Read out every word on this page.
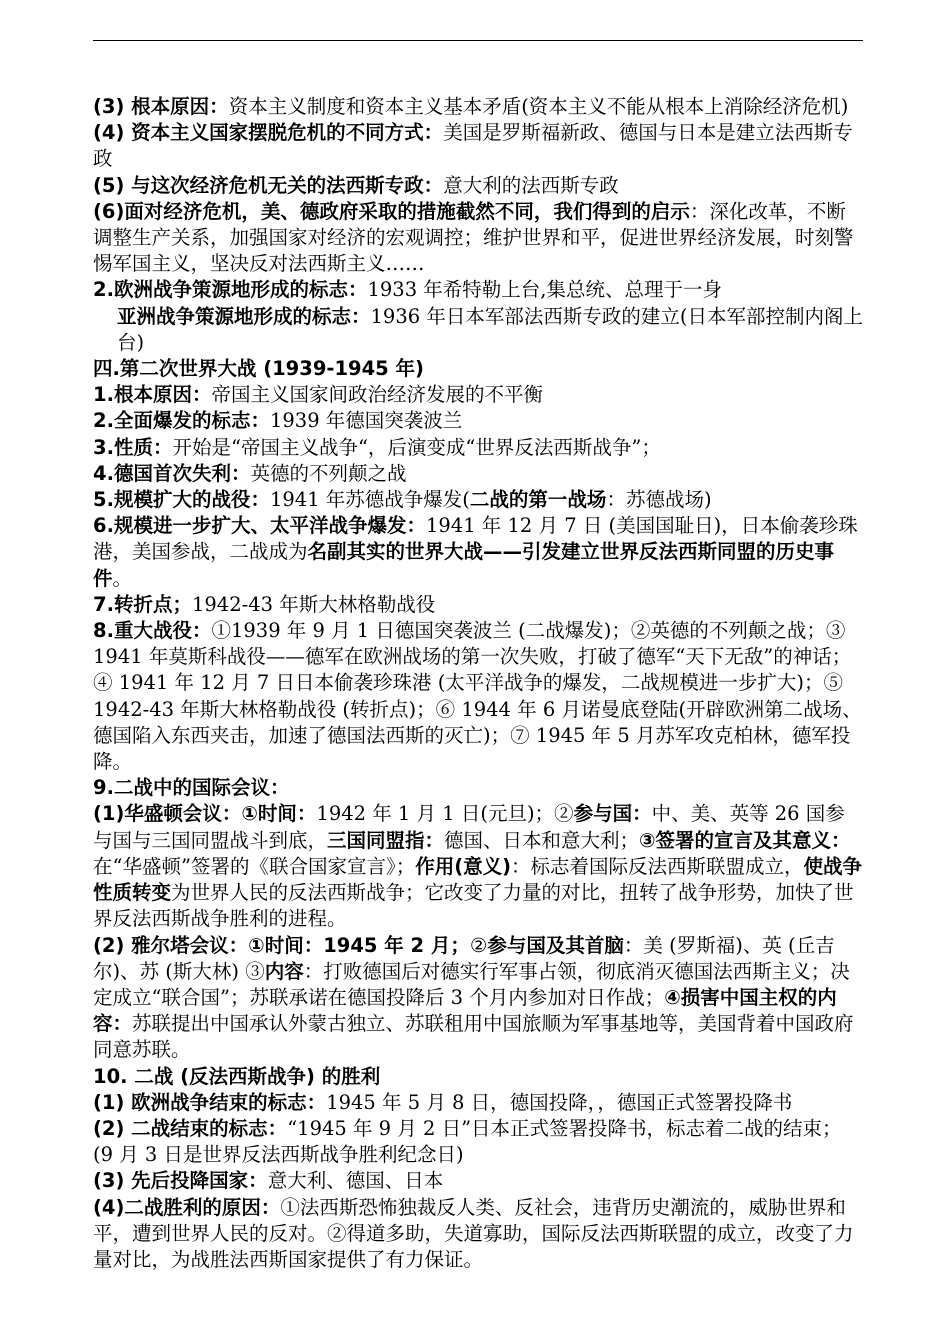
(3) 根本原因：资本主义制度和资本主义基本矛盾(资本主义不能从根本上消除经济危机)

(4) 资本主义国家摆脱危机的不同方式：美国是罗斯福新政、德国与日本是建立法西斯专政

(5) 与这次经济危机无关的法西斯专政：意大利的法西斯专政

(6)面对经济危机，美、德政府采取的措施截然不同，我们得到的启示：深化改革，不断调整生产关系，加强国家对经济的宏观调控；维护世界和平，促进世界经济发展，时刻警惕军国主义，坚决反对法西斯主义……

2.欧洲战争策源地形成的标志：1933 年希特勒上台,集总统、总理于一身

亚洲战争策源地形成的标志：1936 年日本军部法西斯专政的建立(日本军部控制内阁上台)

四.第二次世界大战 (1939-1945 年)

1.根本原因：帝国主义国家间政治经济发展的不平衡

2.全面爆发的标志：1939 年德国突袭波兰

3.性质：开始是“帝国主义战争“，后演变成“世界反法西斯战争”；

4.德国首次失利：英德的不列颠之战

5.规模扩大的战役：1941 年苏德战争爆发(二战的第一战场：苏德战场)

6.规模进一步扩大、太平洋战争爆发：1941 年 12 月 7 日 (美国国耻日)，日本偷袭珍珠港，美国参战，二战成为名副其实的世界大战——引发建立世界反法西斯同盟的历史事件。

7.转折点；1942-43 年斯大林格勒战役

8.重大战役：①1939 年 9 月 1 日德国突袭波兰 (二战爆发)；②英德的不列颠之战；③ 1941 年莫斯科战役——德军在欧洲战场的第一次失败，打破了德军“天下无敌”的神话；④ 1941 年 12 月 7 日日本偷袭珍珠港 (太平洋战争的爆发，二战规模进一步扩大)；⑤ 1942-43 年斯大林格勒战役 (转折点)；⑥ 1944 年 6 月诺曼底登陆(开辟欧洲第二战场、德国陷入东西夹击，加速了德国法西斯的灭亡)；⑦ 1945 年 5 月苏军攻克柏林，德军投降。

9.二战中的国际会议：

(1)华盛顿会议：①时间：1942 年 1 月 1 日(元旦)；②参与国：中、美、英等 26 国参与国与三国同盟战斗到底，三国同盟指：德国、日本和意大利；③签署的宣言及其意义：在“华盛顿”签署的《联合国家宣言》；作用(意义)：标志着国际反法西斯联盟成立，使战争性质转变为世界人民的反法西斯战争；它改变了力量的对比，扭转了战争形势，加快了世界反法西斯战争胜利的进程。

(2) 雅尔塔会议：①时间：1945 年 2 月；②参与国及其首脑：美 (罗斯福)、英 (丘吉尔)、苏 (斯大林) ③内容：打败德国后对德实行军事占领，彻底消灭德国法西斯主义；决定成立“联合国”；苏联承诺在德国投降后 3 个月内参加对日作战；④损害中国主权的内容：苏联提出中国承认外蒙古独立、苏联租用中国旅顺为军事基地等，美国背着中国政府同意苏联。

10. 二战 (反法西斯战争) 的胜利

(1) 欧洲战争结束的标志：1945 年 5 月 8 日，德国投降，，德国正式签署投降书

(2) 二战结束的标志：“1945 年 9 月 2 日”日本正式签署投降书，标志着二战的结束； (9 月 3 日是世界反法西斯战争胜利纪念日)

(3) 先后投降国家：意大利、德国、日本

(4)二战胜利的原因：①法西斯恐怖独裁反人类、反社会，违背历史潮流的，威胁世界和平，遭到世界人民的反对。②得道多助，失道寡助，国际反法西斯联盟的成立，改变了力量对比，为战胜法西斯国家提供了有力保证。
